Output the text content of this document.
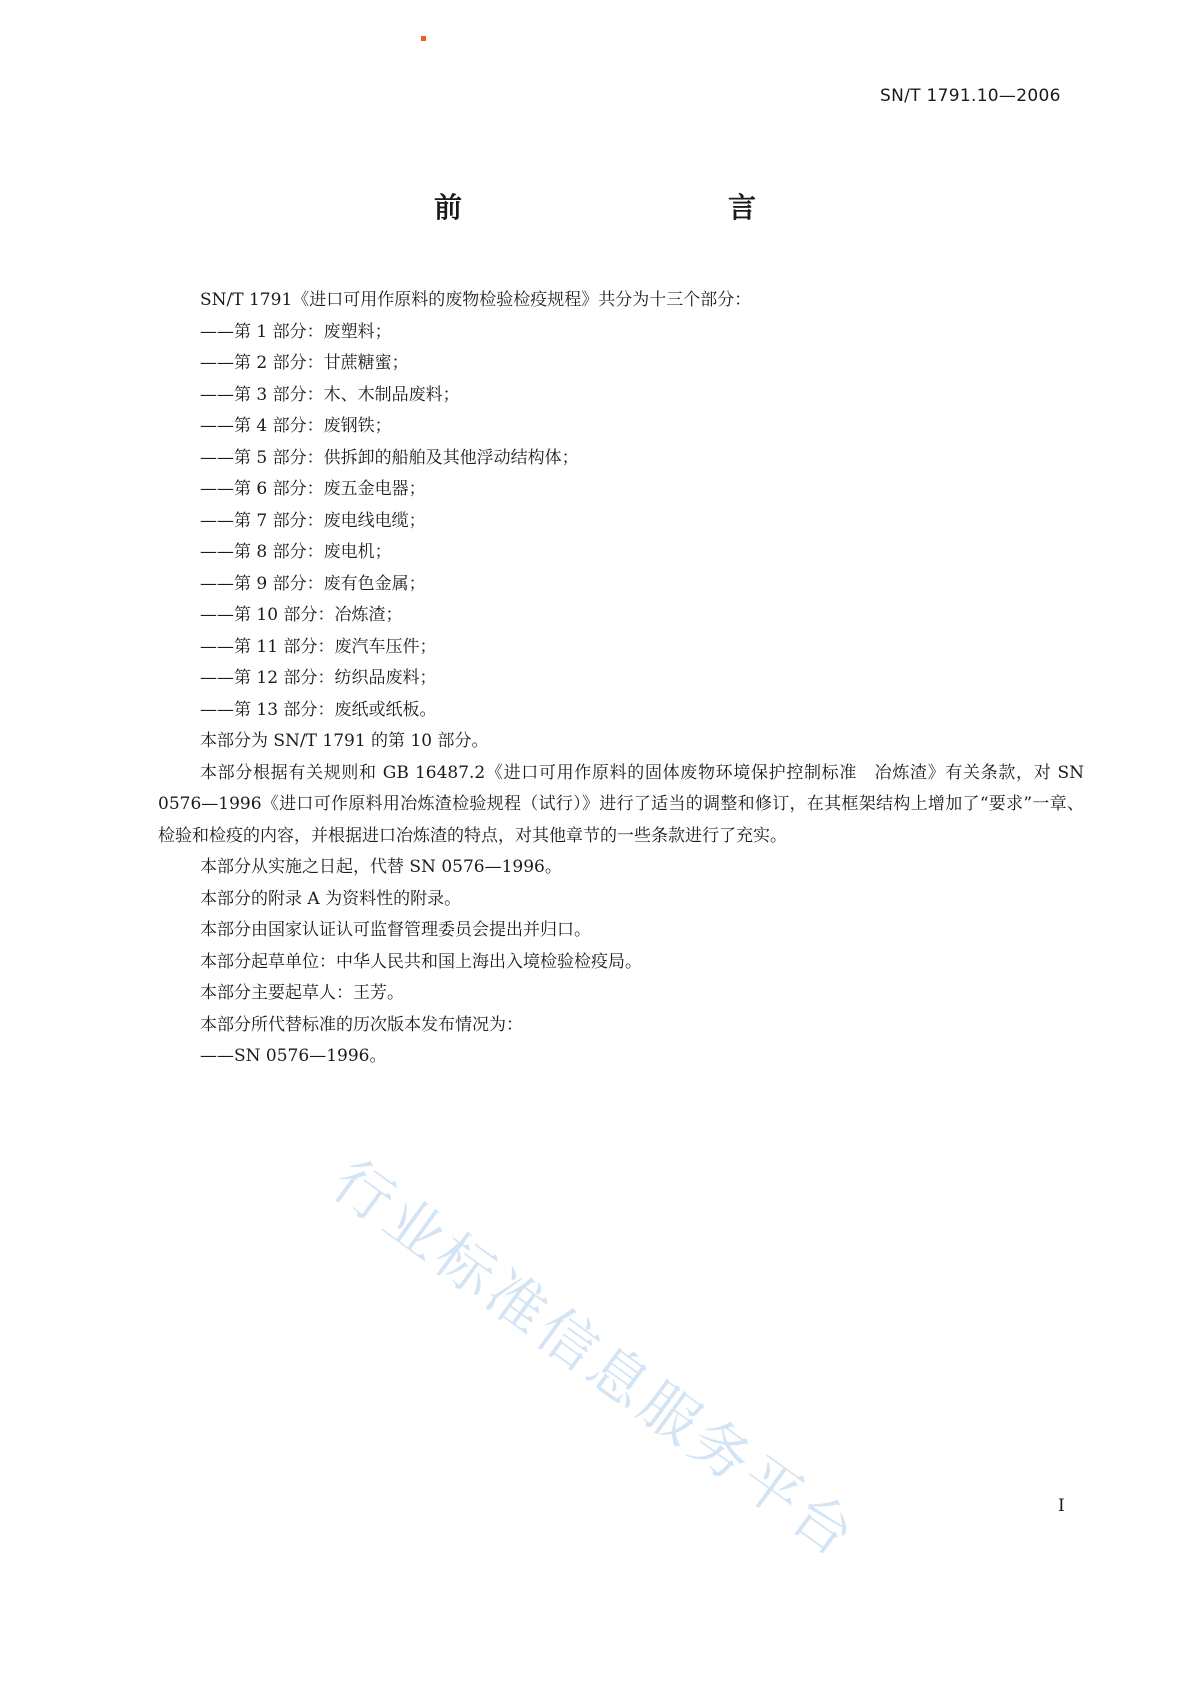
SN/T 1791.10—2006
前　　言

SN/T 1791《进口可用作原料的废物检验检疫规程》共分为十三个部分：

——第 1 部分：废塑料；

——第 2 部分：甘蔗糖蜜；

——第 3 部分：木、木制品废料；

——第 4 部分：废钢铁；

——第 5 部分：供拆卸的船舶及其他浮动结构体；

——第 6 部分：废五金电器；

——第 7 部分：废电线电缆；

——第 8 部分：废电机；

——第 9 部分：废有色金属；

——第 10 部分：冶炼渣；

——第 11 部分：废汽车压件；

——第 12 部分：纺织品废料；

——第 13 部分：废纸或纸板。

本部分为 SN/T 1791 的第 10 部分。

本部分根据有关规则和 GB 16487.2《进口可用作原料的固体废物环境保护控制标准　冶炼渣》有关条款，对 SN 0576—1996《进口可作原料用冶炼渣检验规程（试行）》进行了适当的调整和修订，在其框架结构上增加了“要求”一章、检验和检疫的内容，并根据进口冶炼渣的特点，对其他章节的一些条款进行了充实。

本部分从实施之日起，代替 SN 0576—1996。

本部分的附录 A 为资料性的附录。

本部分由国家认证认可监督管理委员会提出并归口。

本部分起草单位：中华人民共和国上海出入境检验检疫局。

本部分主要起草人：王芳。

本部分所代替标准的历次版本发布情况为：

——SN 0576—1996。

行业标准信息服务平台	Ⅰ
